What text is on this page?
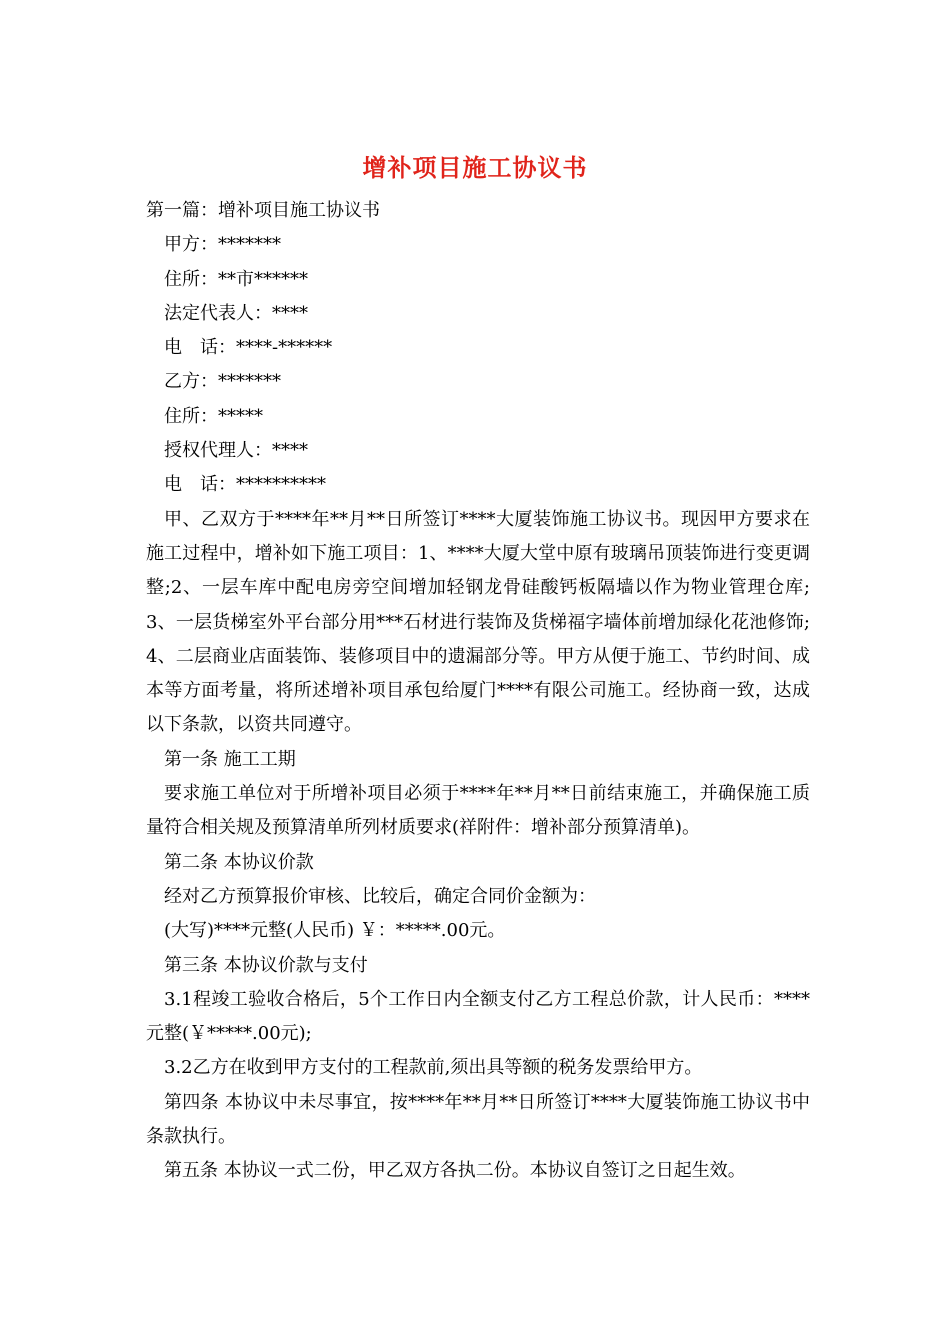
增补项目施工协议书
第一篇：增补项目施工协议书
甲方：*******
住所：**市******
法定代表人：****
电　话：****-******
乙方：*******
住所：*****
授权代理人：****
电　话：**********
甲、乙双方于****年**月**日所签订****大厦装饰施工协议书。现因甲方要求在施工过程中，增补如下施工项目：1、****大厦大堂中原有玻璃吊顶装饰进行变更调整;2、一层车库中配电房旁空间增加轻钢龙骨硅酸钙板隔墙以作为物业管理仓库;3、一层货梯室外平台部分用***石材进行装饰及货梯福字墙体前增加绿化花池修饰;4、二层商业店面装饰、装修项目中的遗漏部分等。甲方从便于施工、节约时间、成本等方面考量，将所述增补项目承包给厦门****有限公司施工。经协商一致，达成以下条款，以资共同遵守。
第一条 施工工期
要求施工单位对于所增补项目必须于****年**月**日前结束施工，并确保施工质量符合相关规及预算清单所列材质要求(祥附件：增补部分预算清单)。
第二条 本协议价款
经对乙方预算报价审核、比较后，确定合同价金额为：
(大写)****元整(人民币) ￥：*****.00元。
第三条 本协议价款与支付
3.1程竣工验收合格后，5个工作日内全额支付乙方工程总价款，计人民币：****元整(￥*****.00元);
3.2乙方在收到甲方支付的工程款前,须出具等额的税务发票给甲方。
第四条 本协议中未尽事宜，按****年**月**日所签订****大厦装饰施工协议书中条款执行。
第五条 本协议一式二份，甲乙双方各执二份。本协议自签订之日起生效。
